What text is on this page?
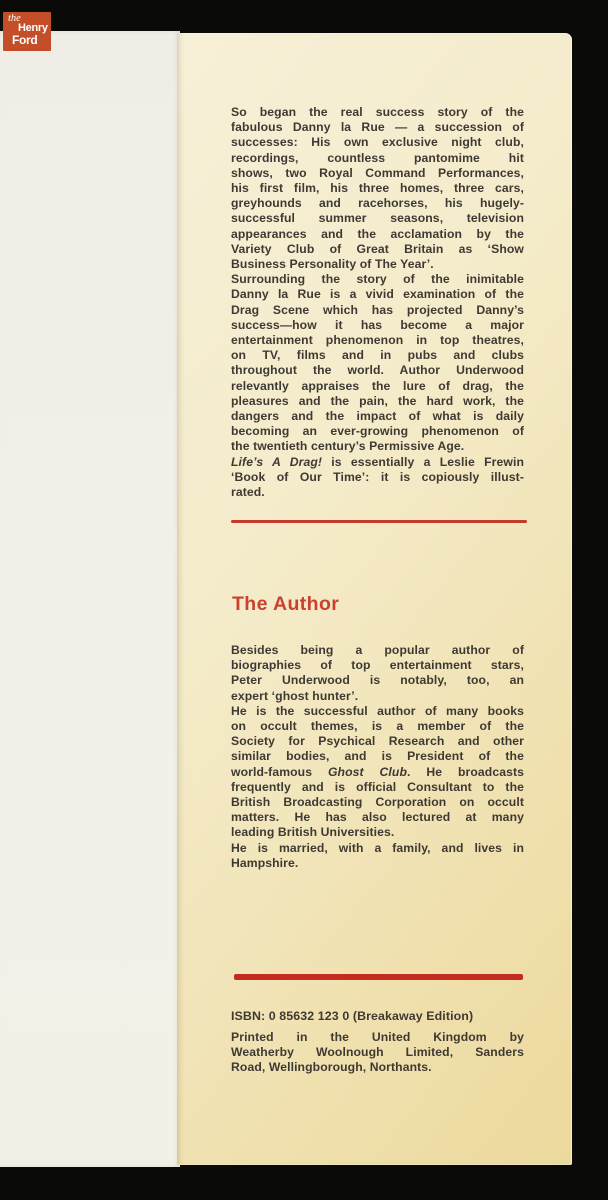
So began the real success story of the
fabulous Danny la Rue — a succession of
successes: His own exclusive night club,
recordings, countless pantomime hit
shows, two Royal Command Performances,
his first film, his three homes, three cars,
greyhounds and racehorses, his hugely-
successful summer seasons, television
appearances and the acclamation by the
Variety Club of Great Britain as ‘Show
Business Personality of The Year’.
Surrounding the story of the inimitable
Danny la Rue is a vivid examination of the
Drag Scene which has projected Danny’s
success—how it has become a major
entertainment phenomenon in top theatres,
on TV, films and in pubs and clubs
throughout the world. Author Underwood
relevantly appraises the lure of drag, the
pleasures and the pain, the hard work, the
dangers and the impact of what is daily
becoming an ever-growing phenomenon of
the twentieth century’s Permissive Age.
Life’s A Drag! is essentially a Leslie Frewin
‘Book of Our Time’: it is copiously illust-
rated.
The Author
Besides being a popular author of
biographies of top entertainment stars,
Peter Underwood is notably, too, an
expert ‘ghost hunter’.
He is the successful author of many books
on occult themes, is a member of the
Society for Psychical Research and other
similar bodies, and is President of the
world-famous Ghost Club. He broadcasts
frequently and is official Consultant to the
British Broadcasting Corporation on occult
matters. He has also lectured at many
leading British Universities.
He is married, with a family, and lives in
Hampshire.
ISBN: 0 85632 123 0 (Breakaway Edition)
Printed in the United Kingdom by
Weatherby Woolnough Limited, Sanders
Road, Wellingborough, Northants.
the
Henry
Ford
